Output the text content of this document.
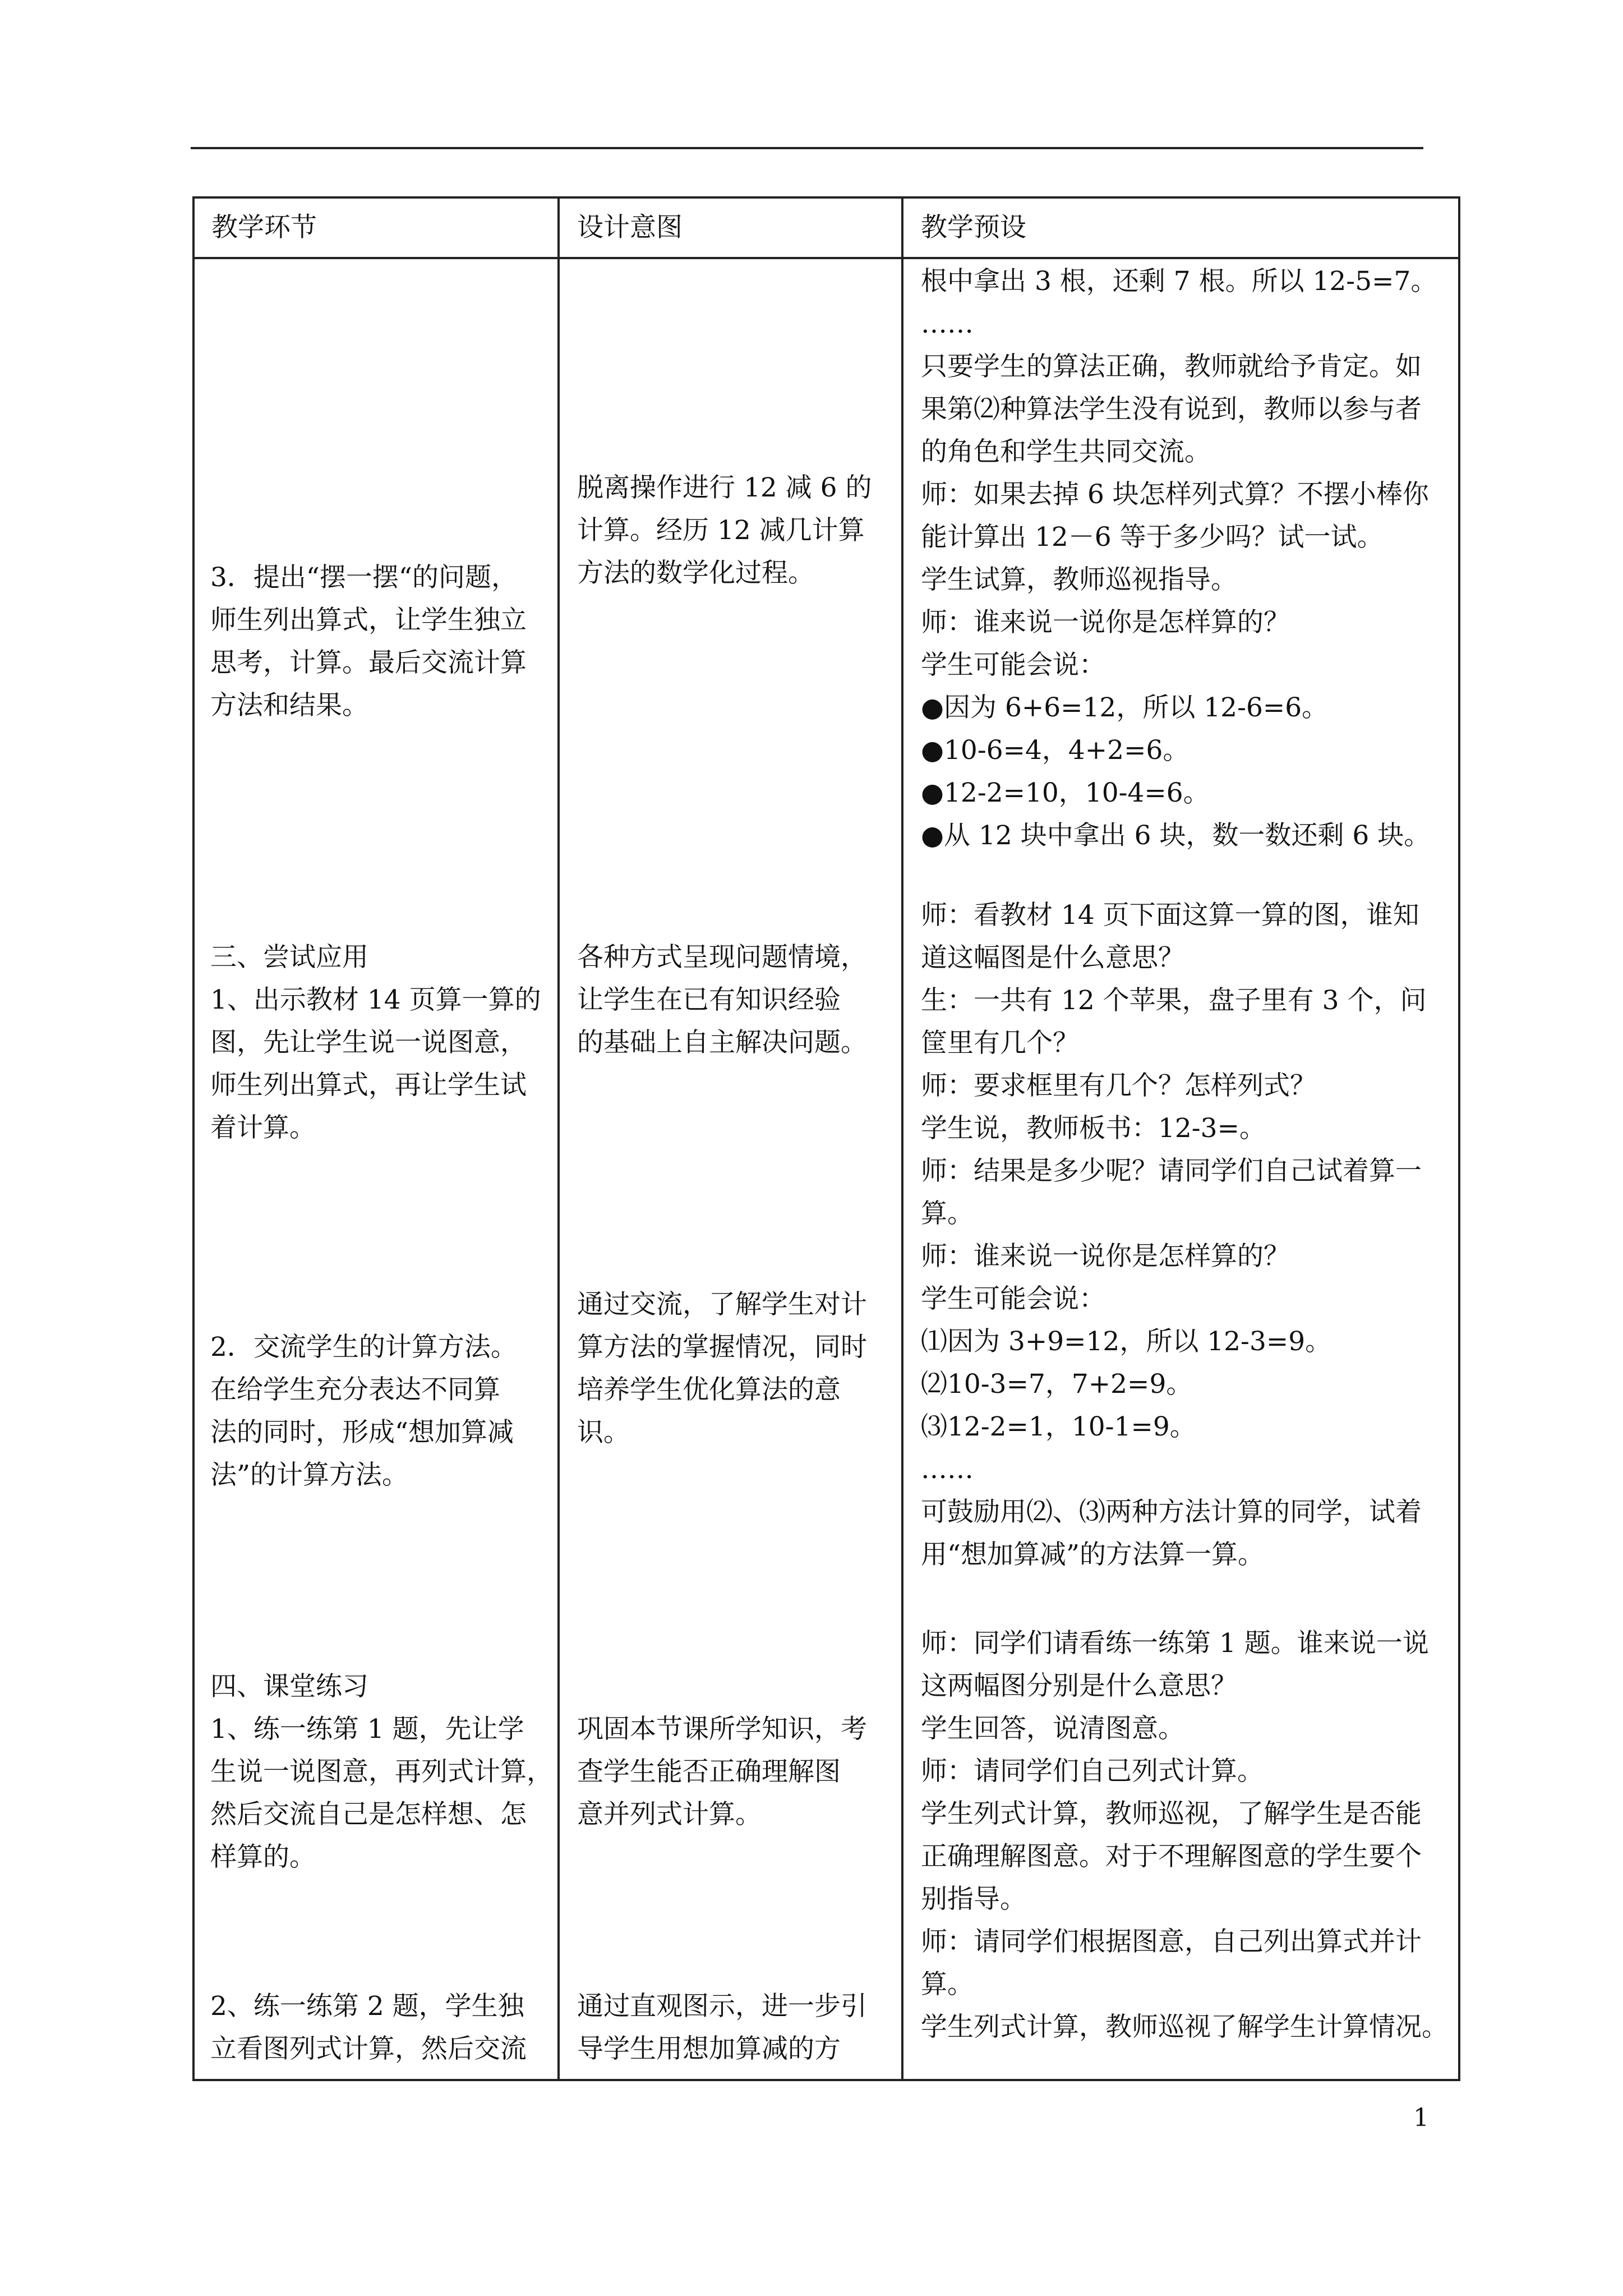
教学环节	设计意图	教学预设
3．提出“摆一摆“的问题，
师生列出算式，让学生独立
思考，计算。最后交流计算
方法和结果。
三、尝试应用
1、出示教材 14 页算一算的
图，先让学生说一说图意，
师生列出算式，再让学生试
着计算。
2．交流学生的计算方法。
在给学生充分表达不同算
法的同时，形成“想加算减
法”的计算方法。
四、课堂练习
1、练一练第 1 题，先让学
生说一说图意，再列式计算，
然后交流自己是怎样想、怎
样算的。
2、练一练第 2 题，学生独
立看图列式计算，然后交流
脱离操作进行 12 减 6 的
计算。经历 12 减几计算
方法的数学化过程。
各种方式呈现问题情境，
让学生在已有知识经验
的基础上自主解决问题。
通过交流，了解学生对计
算方法的掌握情况，同时
培养学生优化算法的意
识。
巩固本节课所学知识，考
查学生能否正确理解图
意并列式计算。
通过直观图示，进一步引
导学生用想加算减的方
根中拿出 3 根，还剩 7 根。所以 12-5=7。
……
只要学生的算法正确，教师就给予肯定。如
果第⑵种算法学生没有说到，教师以参与者
的角色和学生共同交流。
师：如果去掉 6 块怎样列式算？不摆小棒你
能计算出 12－6 等于多少吗？试一试。
学生试算，教师巡视指导。
师：谁来说一说你是怎样算的？
学生可能会说：
●因为 6+6=12，所以 12-6=6。
●10-6=4，4+2=6。
●12-2=10，10-4=6。
●从 12 块中拿出 6 块，数一数还剩 6 块。
师：看教材 14 页下面这算一算的图，谁知
道这幅图是什么意思？
生：一共有 12 个苹果，盘子里有 3 个，问
筐里有几个？
师：要求框里有几个？怎样列式？
学生说，教师板书：12-3=。
师：结果是多少呢？请同学们自己试着算一
算。
师：谁来说一说你是怎样算的？
学生可能会说：
⑴因为 3+9=12，所以 12-3=9。
⑵10-3=7，7+2=9。
⑶12-2=1，10-1=9。
……
可鼓励用⑵、⑶两种方法计算的同学，试着
用“想加算减”的方法算一算。
师：同学们请看练一练第 1 题。谁来说一说
这两幅图分别是什么意思？
学生回答，说清图意。
师：请同学们自己列式计算。
学生列式计算，教师巡视，了解学生是否能
正确理解图意。对于不理解图意的学生要个
别指导。
师：请同学们根据图意，自己列出算式并计
算。
学生列式计算，教师巡视了解学生计算情况。
1
